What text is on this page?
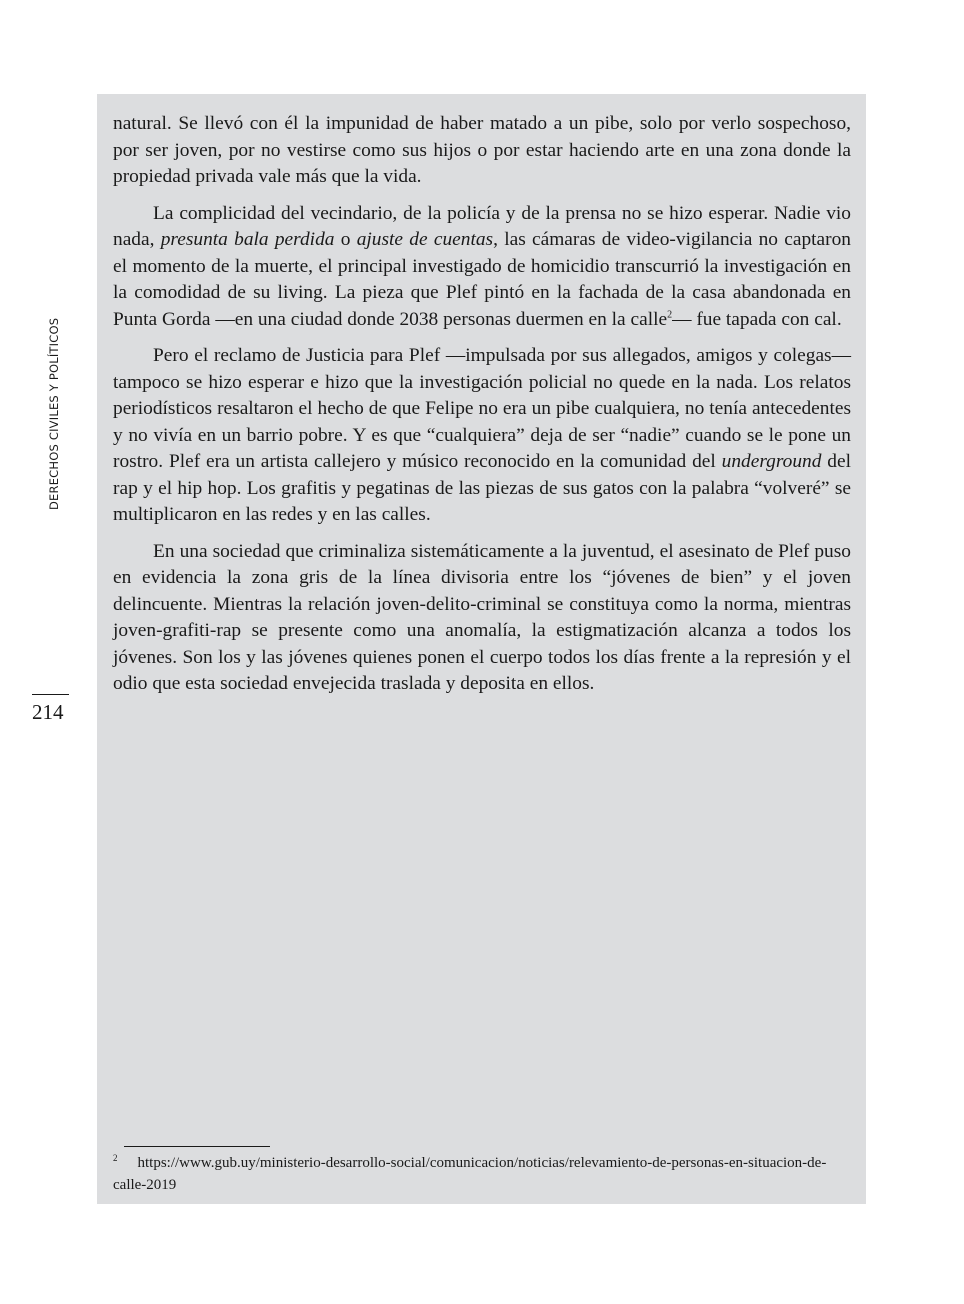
DERECHOS CIVILES Y POLÍTICOS
214

natural. Se llevó con él la impunidad de haber matado a un pibe, solo por verlo sospechoso, por ser joven, por no vestirse como sus hijos o por estar haciendo arte en una zona donde la propiedad privada vale más que la vida.

La complicidad del vecindario, de la policía y de la prensa no se hizo esperar. Nadie vio nada, presunta bala perdida o ajuste de cuentas, las cámaras de video-vigilancia no captaron el momento de la muerte, el principal investigado de homicidio transcurrió la investigación en la comodidad de su living. La pieza que Plef pintó en la fachada de la casa abandonada en Punta Gorda —en una ciudad donde 2038 personas duermen en la calle$^2$— fue tapada con cal.

Pero el reclamo de Justicia para Plef —impulsada por sus allegados, amigos y colegas— tampoco se hizo esperar e hizo que la investigación policial no quede en la nada. Los relatos periodísticos resaltaron el hecho de que Felipe no era un pibe cualquiera, no tenía antecedentes y no vivía en un barrio pobre. Y es que “cualquiera” deja de ser “nadie” cuando se le pone un rostro. Plef era un artista callejero y músico reconocido en la comunidad del underground del rap y el hip hop. Los grafitis y pegatinas de las piezas de sus gatos con la palabra “volveré” se multiplicaron en las redes y en las calles.

En una sociedad que criminaliza sistemáticamente a la juventud, el asesinato de Plef puso en evidencia la zona gris de la línea divisoria entre los “jóvenes de bien” y el joven delincuente. Mientras la relación joven-delito-criminal se constituya como la norma, mientras joven-grafiti-rap se presente como una anomalía, la estigmatización alcanza a todos los jóvenes. Son los y las jóvenes quienes ponen el cuerpo todos los días frente a la represión y el odio que esta sociedad envejecida traslada y deposita en ellos.

$^2$ https://www.gub.uy/ministerio-desarrollo-social/comunicacion/noticias/relevamiento-de-personas-en-situacion-de-calle-2019
